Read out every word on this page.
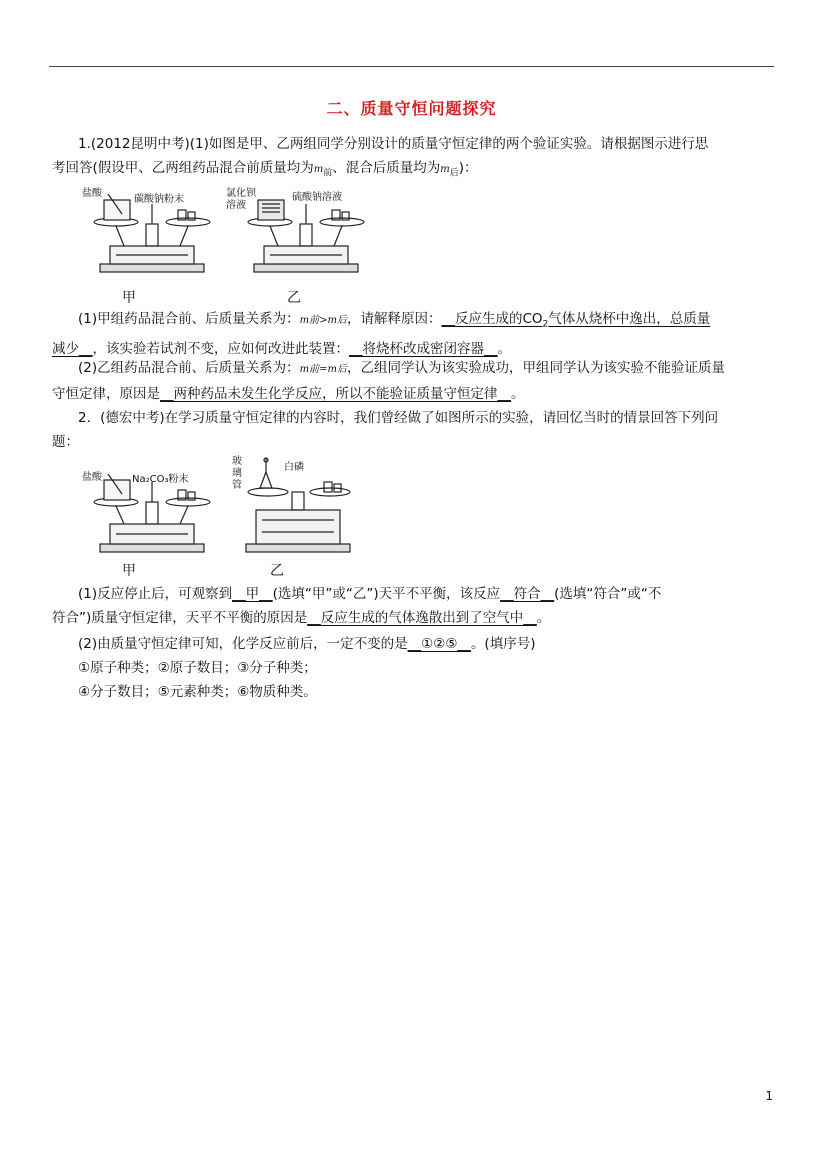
二、质量守恒问题探究
1.(2012昆明中考)(1)如图是甲、乙两组同学分别设计的质量守恒定律的两个验证实验。请根据图示进行思
考回答(假设甲、乙两组药品混合前质量均为$m_前$、混合后质量均为$m_后$)：
盐酸
碳酸钠粉末
氯化钡
溶液
硫酸钠溶液
甲	乙
(1)甲组药品混合前、后质量关系为：m前>m后，请解释原因：__反应生成的$CO_2$气体从烧杯中逸出，总质量
减少__，该实验若试剂不变，应如何改进此装置：__将烧杯改成密闭容器__。
(2)乙组药品混合前、后质量关系为：m前=m后，乙组同学认为该实验成功，甲组同学认为该实验不能验证质量
守恒定律，原因是__两种药品未发生化学反应，所以不能验证质量守恒定律__。
2．(德宏中考)在学习质量守恒定律的内容时，我们曾经做了如图所示的实验，请回忆当时的情景回答下列问
题：
盐酸	Na₂CO₃粉末
玻
璃
管
白磷
甲	乙
(1)反应停止后，可观察到__甲__(选填“甲”或“乙”)天平不平衡，该反应__符合__(选填“符合”或“不
符合”)质量守恒定律，天平不平衡的原因是__反应生成的气体逸散出到了空气中__。
(2)由质量守恒定律可知，化学反应前后，一定不变的是__①②⑤__。(填序号)
①原子种类；②原子数目；③分子种类；
④分子数目；⑤元素种类；⑥物质种类。
1
